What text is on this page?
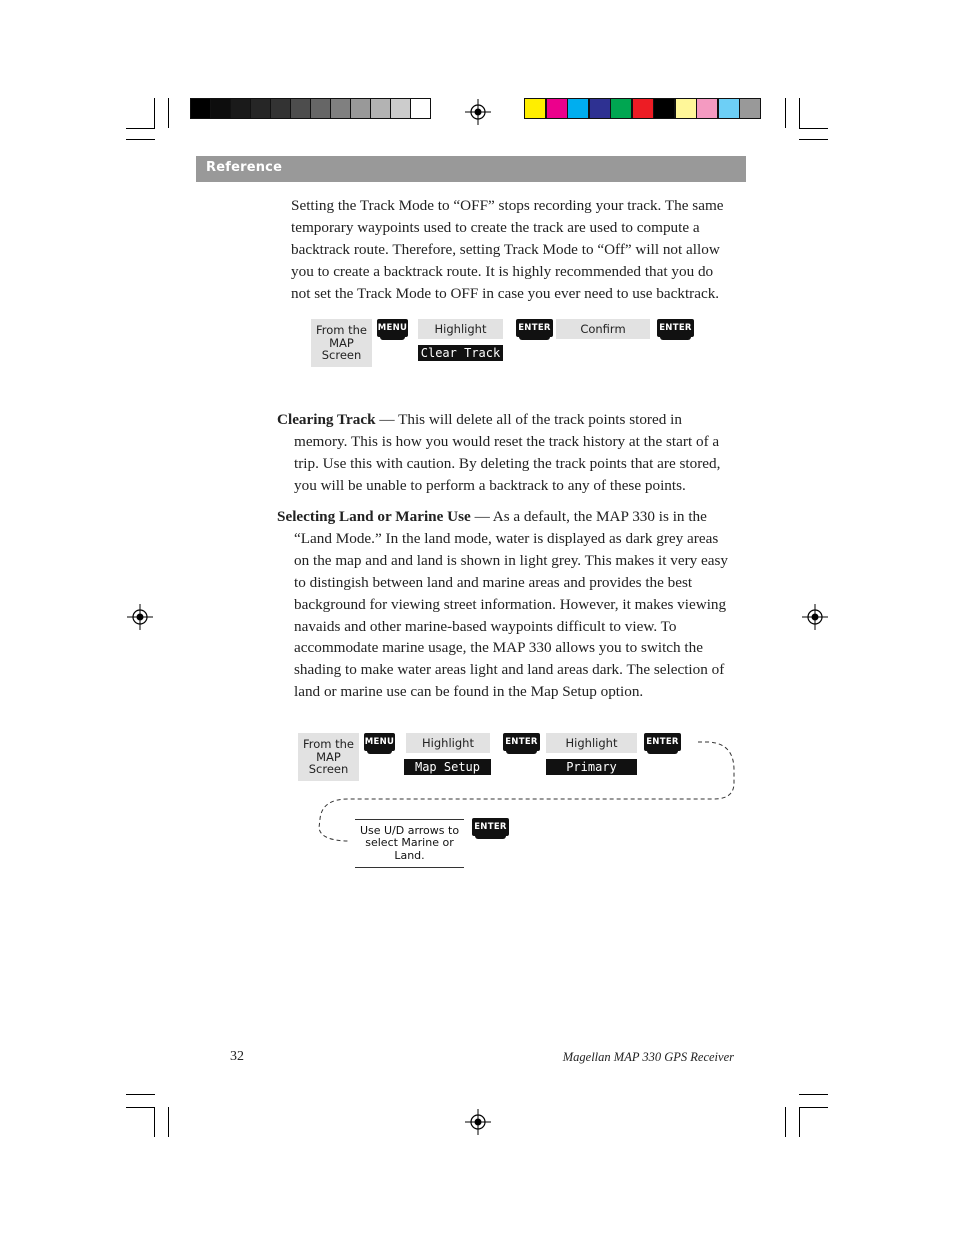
Reference
Setting the Track Mode to “OFF” stops recording your track. The same temporary waypoints used to create the track are used to compute a backtrack route. Therefore, setting Track Mode to “Off” will not allow you to create a backtrack route. It is highly recommended that you do not set the Track Mode to OFF in case you ever need to use backtrack.
From the MAP Screen
MENU	Highlight
Clear Track
ENTER	Confirm	ENTER

Clearing Track — This will delete all of the track points stored in memory. This is how you would reset the track history at the start of a trip. Use this with caution. By deleting the track points that are stored, you will be unable to perform a backtrack to any of these points.

Selecting Land or Marine Use — As a default, the MAP 330 is in the “Land Mode.” In the land mode, water is displayed as dark grey areas on the map and and land is shown in light grey. This makes it very easy to distingish between land and marine areas and provides the best background for viewing street information. However, it makes viewing navaids and other marine-based waypoints difficult to view. To accommodate marine usage, the MAP 330 allows you to switch the shading to make water areas light and land areas dark. The selection of land or marine use can be found in the Map Setup option.

From the MAP Screen
MENU	Highlight
Map Setup
ENTER	Highlight
Primary Usage
ENTER
Use U/D arrows to select Marine or Land.
ENTER
32	Magellan MAP 330 GPS Receiver
